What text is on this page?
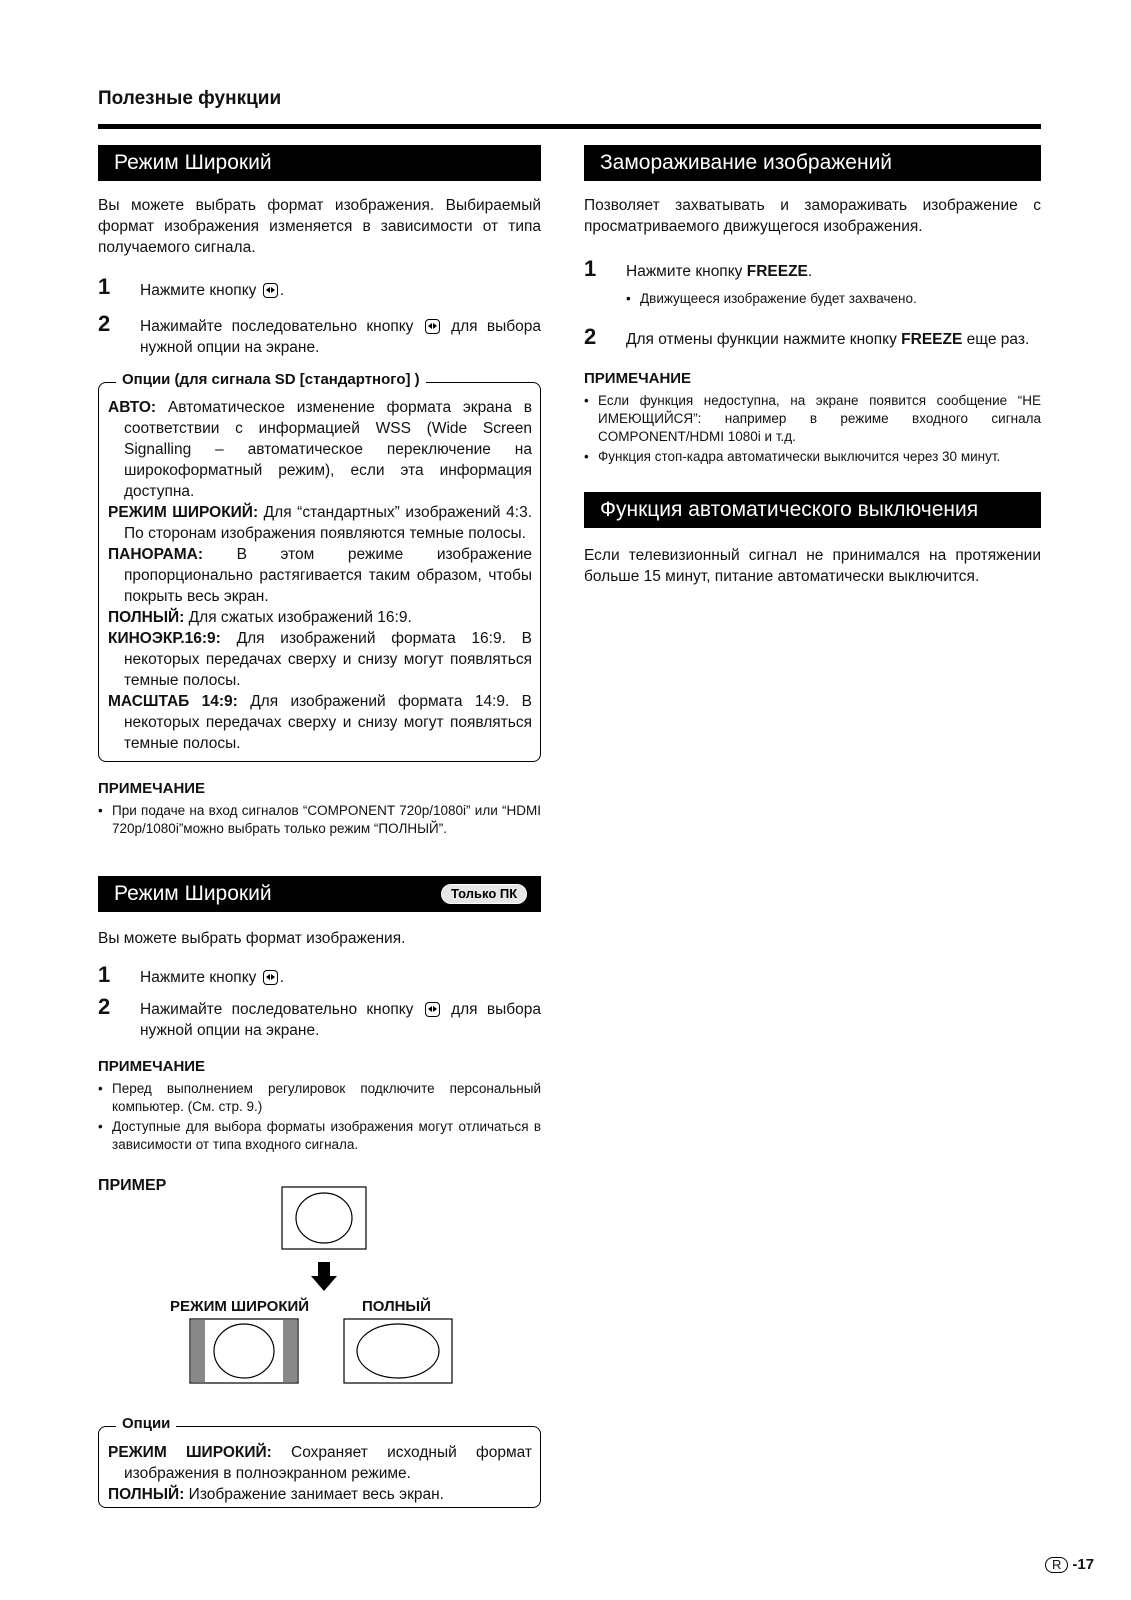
Полезные функции
Режим Широкий
Вы можете выбрать формат изображения. Выбираемый формат изображения изменяется в зависимости от типа получаемого сигнала.
1 Нажмите кнопку .
2 Нажимайте последовательно кнопку для выбора нужной опции на экране.
Опции (для сигнала SD [стандартного] )
АВТО: Автоматическое изменение формата экрана в соответствии с информацией WSS (Wide Screen Signalling – автоматическое переключение на широкоформатный режим), если эта информация доступна.
РЕЖИМ ШИРОКИЙ: Для “стандартных” изображений 4:3. По сторонам изображения появляются темные полосы.
ПАНОРАМА: В этом режиме изображение пропорционально растягивается таким образом, чтобы покрыть весь экран.
ПОЛНЫЙ: Для сжатых изображений 16:9.
КИНОЭКР.16:9: Для изображений формата 16:9. В некоторых передачах сверху и снизу могут появляться темные полосы.
МАСШТАБ 14:9: Для изображений формата 14:9. В некоторых передачах сверху и снизу могут появляться темные полосы.
ПРИМЕЧАНИЕ
• При подаче на вход сигналов “COMPONENT 720p/1080i” или “HDMI 720p/1080i”можно выбрать только режим “ПОЛНЫЙ”.
Режим Широкий	Только ПК
Вы можете выбрать формат изображения.
1 Нажмите кнопку .
2 Нажимайте последовательно кнопку для выбора нужной опции на экране.
ПРИМЕЧАНИЕ
• Перед выполнением регулировок подключите персональный компьютер. (См. стр. 9.)
• Доступные для выбора форматы изображения могут отличаться в зависимости от типа входного сигнала.
ПРИМЕР
РЕЖИМ ШИРОКИЙ	ПОЛНЫЙ
Опции
РЕЖИМ ШИРОКИЙ: Сохраняет исходный формат изображения в полноэкранном режиме.
ПОЛНЫЙ: Изображение занимает весь экран.
Замораживание изображений
Позволяет захватывать и замораживать изображение с просматриваемого движущегося изображения.
1 Нажмите кнопку FREEZE.
• Движущееся изображение будет захвачено.
2 Для отмены функции нажмите кнопку FREEZE еще раз.
ПРИМЕЧАНИЕ
• Если функция недоступна, на экране появится сообщение “НЕ ИМЕЮЩИЙСЯ”: например в режиме входного сигнала COMPONENT/HDMI 1080i и т.д.
• Функция стоп-кадра автоматически выключится через 30 минут.
Функция автоматического выключения
Если телевизионный сигнал не принимался на протяжении больше 15 минут, питание автоматически выключится.
R -17
